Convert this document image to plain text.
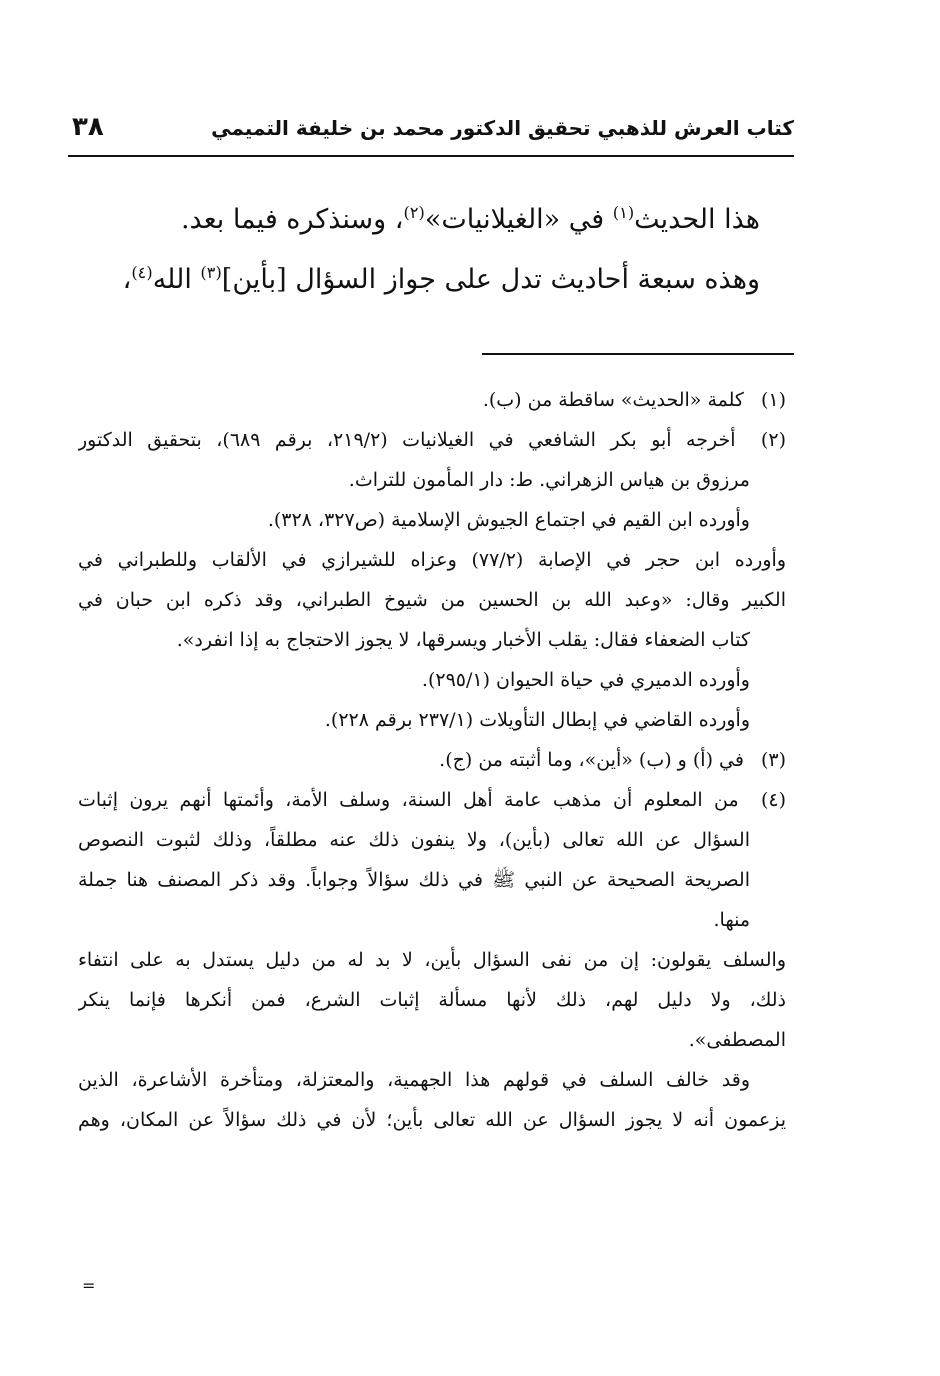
كتاب العرش للذهبي تحقيق الدكتور محمد بن خليفة التميمي
٣٨
هذا الحديث$^{(١)}$ في «الغيلانيات»$^{(٢)}$، وسنذكره فيما بعد.
وهذه سبعة أحاديث تدل على جواز السؤال [بأين]$^{(٣)}$ الله$^{(٤)}$،
(١) كلمة «الحديث» ساقطة من (ب).
(٢) أخرجه أبو بكر الشافعي في الغيلانيات (٢١٩/٢، برقم ٦٨٩)، بتحقيق الدكتور
مرزوق بن هياس الزهراني. ط: دار المأمون للتراث.
وأورده ابن القيم في اجتماع الجيوش الإسلامية (ص٣٢٧، ٣٢٨).
وأورده ابن حجر في الإصابة (٧٧/٢) وعزاه للشيرازي في الألقاب وللطبراني في
الكبير وقال: «وعبد الله بن الحسين من شيوخ الطبراني، وقد ذكره ابن حبان في
كتاب الضعفاء فقال: يقلب الأخبار ويسرقها، لا يجوز الاحتجاج به إذا انفرد».
وأورده الدميري في حياة الحيوان (٢٩٥/١).
وأورده القاضي في إبطال التأويلات (٢٣٧/١ برقم ٢٢٨).
(٣) في (أ) و (ب) «أين»، وما أثبته من (ج).
(٤) من المعلوم أن مذهب عامة أهل السنة، وسلف الأمة، وأئمتها أنهم يرون إثبات
السؤال عن الله تعالى (بأين)، ولا ينفون ذلك عنه مطلقاً، وذلك لثبوت النصوص
الصريحة الصحيحة عن النبي ﷺ في ذلك سؤالاً وجواباً. وقد ذكر المصنف هنا جملة
منها.
والسلف يقولون: إن من نفى السؤال بأين، لا بد له من دليل يستدل به على انتفاء
ذلك، ولا دليل لهم، ذلك لأنها مسألة إثبات الشرع، فمن أنكرها فإنما ينكر
المصطفى».
وقد خالف السلف في قولهم هذا الجهمية، والمعتزلة، ومتأخرة الأشاعرة، الذين
يزعمون أنه لا يجوز السؤال عن الله تعالى بأين؛ لأن في ذلك سؤالاً عن المكان، وهم
=
